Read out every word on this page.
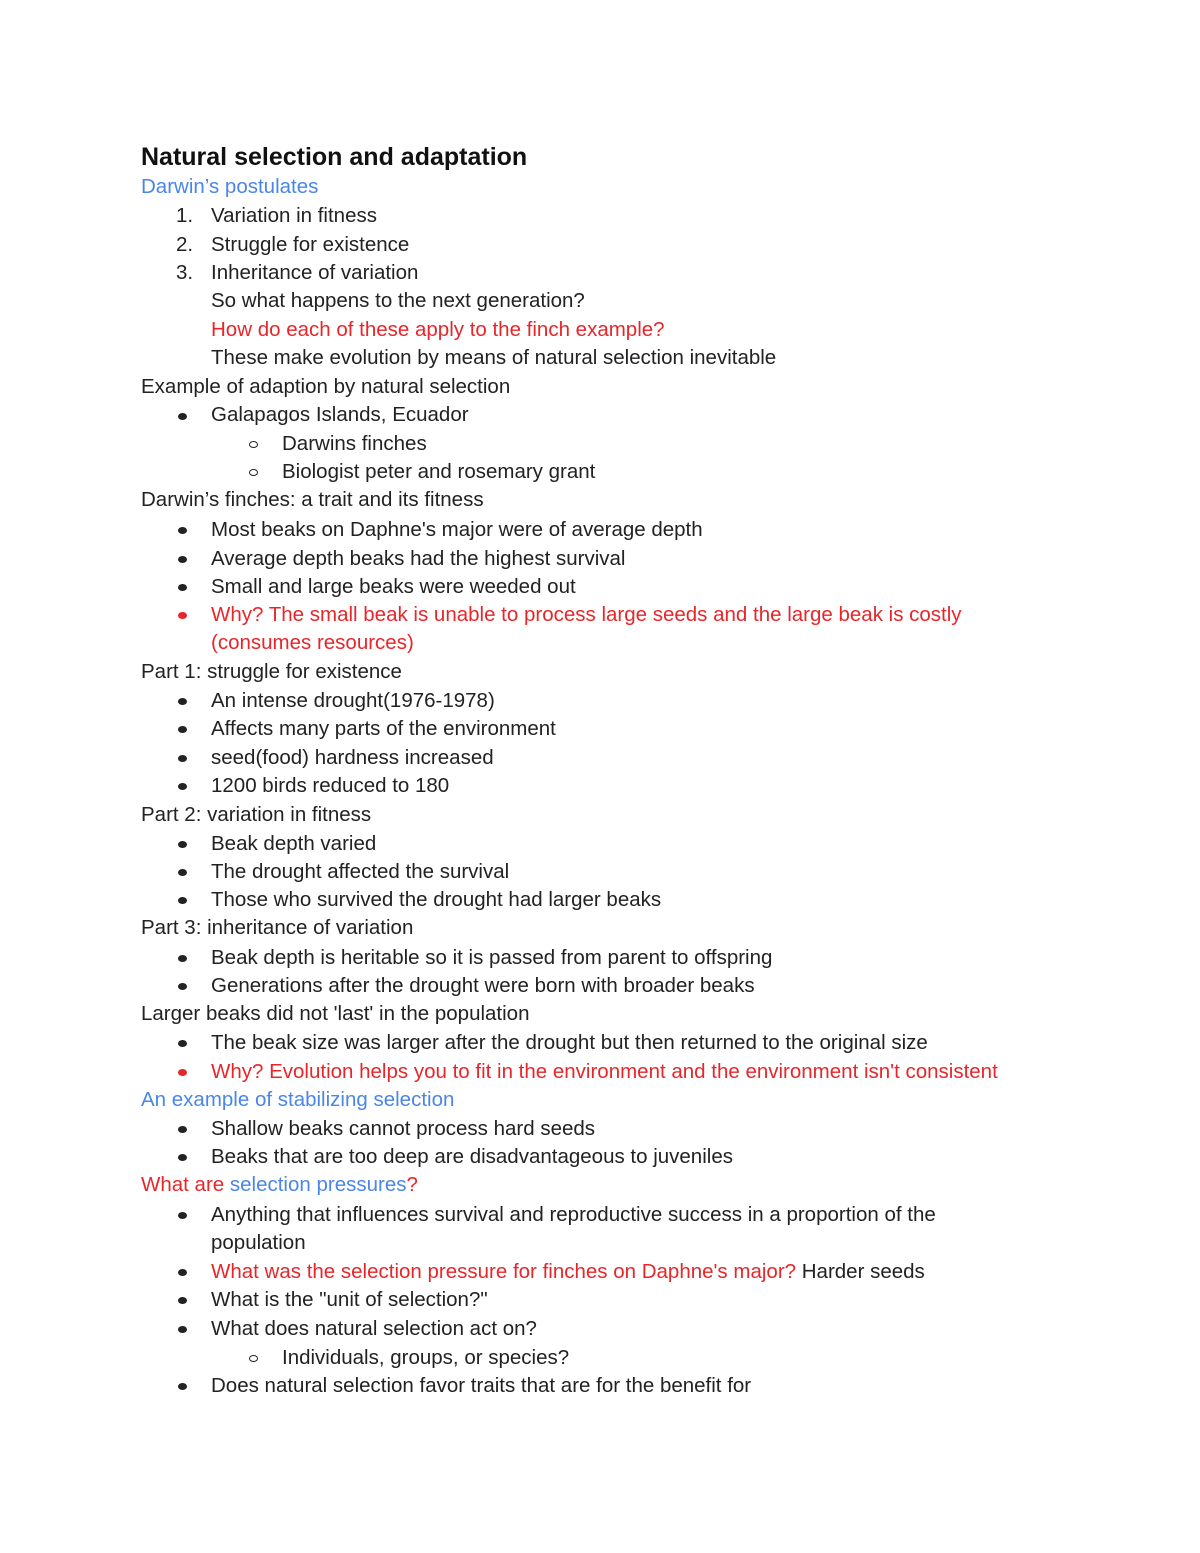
Natural selection and adaptation
Darwin’s postulates
1. Variation in fitness
2. Struggle for existence
3. Inheritance of variation
So what happens to the next generation?
How do each of these apply to the finch example?
These make evolution by means of natural selection inevitable
Example of adaption by natural selection
Galapagos Islands, Ecuador
Darwins finches
Biologist peter and rosemary grant
Darwin’s finches: a trait and its fitness
Most beaks on Daphne's major were of average depth
Average depth beaks had the highest survival
Small and large beaks were weeded out
Why? The small beak is unable to process large seeds and the large beak is costly
(consumes resources)
Part 1: struggle for existence
An intense drought(1976-1978)
Affects many parts of the environment
seed(food) hardness increased
1200 birds reduced to 180
Part 2: variation in fitness
Beak depth varied
The drought affected the survival
Those who survived the drought had larger beaks
Part 3: inheritance of variation
Beak depth is heritable so it is passed from parent to offspring
Generations after the drought were born with broader beaks
Larger beaks did not 'last' in the population
The beak size was larger after the drought but then returned to the original size
Why? Evolution helps you to fit in the environment and the environment isn't consistent
An example of stabilizing selection
Shallow beaks cannot process hard seeds
Beaks that are too deep are disadvantageous to juveniles
What are selection pressures?
Anything that influences survival and reproductive success in a proportion of the
population
What was the selection pressure for finches on Daphne's major? Harder seeds
What is the "unit of selection?"
What does natural selection act on?
Individuals, groups, or species?
Does natural selection favor traits that are for the benefit for
